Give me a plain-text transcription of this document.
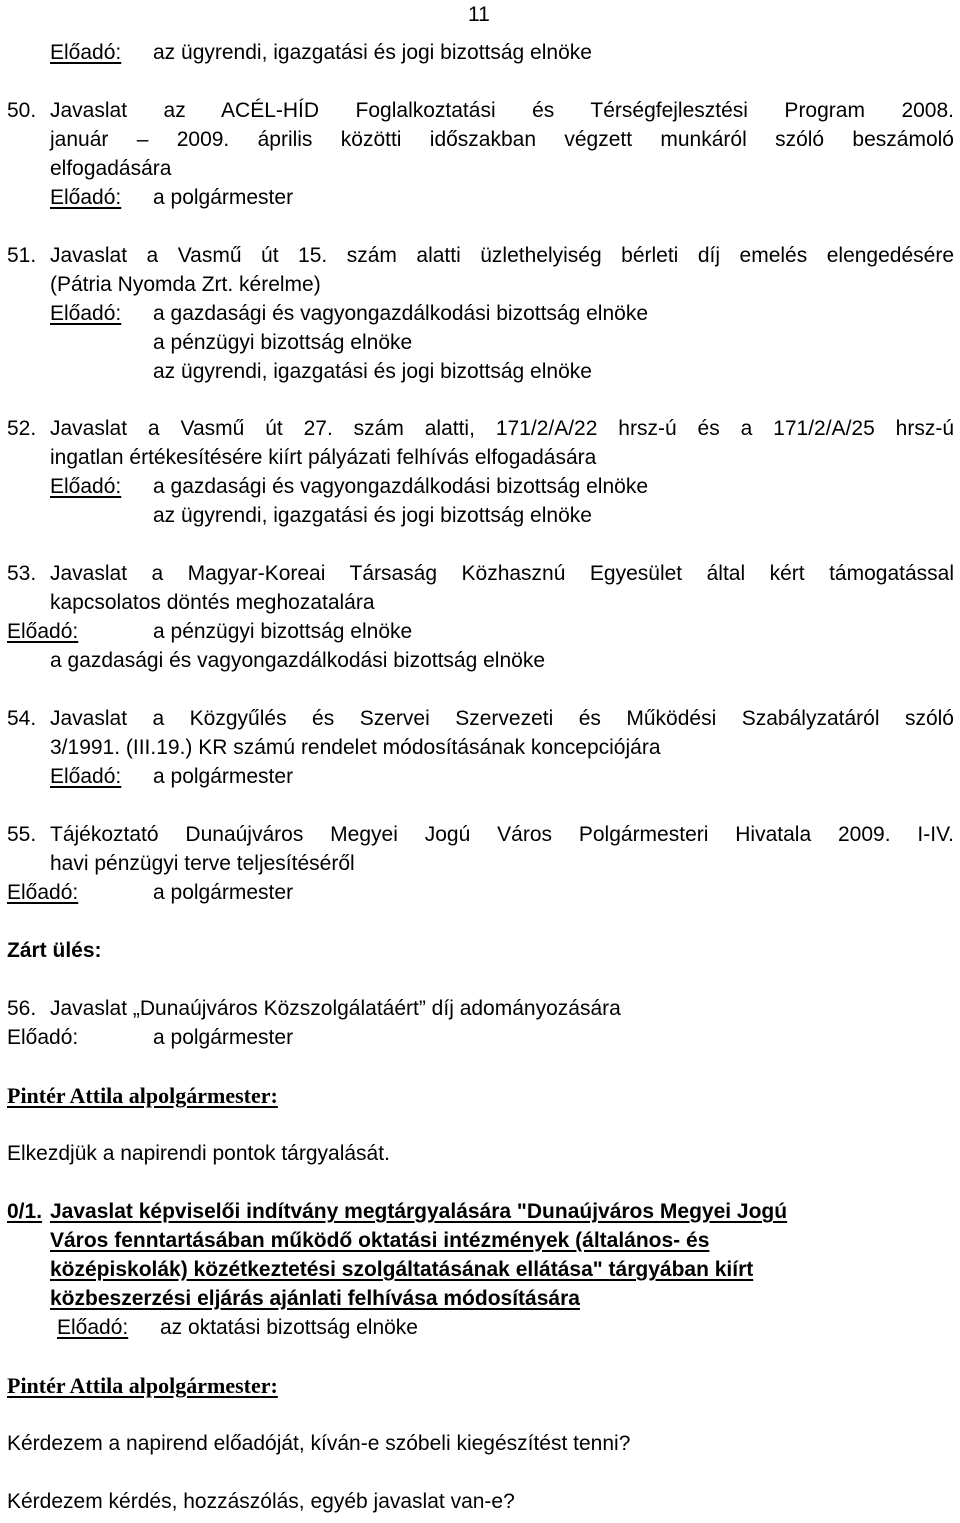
11
Előadó: az ügyrendi, igazgatási és jogi bizottság elnöke
50. Javaslat az ACÉL-HÍD Foglalkoztatási és Térségfejlesztési Program 2008.
január – 2009. április közötti időszakban végzett munkáról szóló beszámoló
elfogadására
Előadó: a polgármester
51. Javaslat a Vasmű út 15. szám alatti üzlethelyiség bérleti díj emelés elengedésére
(Pátria Nyomda Zrt. kérelme)
Előadó: a gazdasági és vagyongazdálkodási bizottság elnöke
a pénzügyi bizottság elnöke
az ügyrendi, igazgatási és jogi bizottság elnöke
52. Javaslat a Vasmű út 27. szám alatti, 171/2/A/22 hrsz-ú és a 171/2/A/25 hrsz-ú
ingatlan értékesítésére kiírt pályázati felhívás elfogadására
Előadó: a gazdasági és vagyongazdálkodási bizottság elnöke
az ügyrendi, igazgatási és jogi bizottság elnöke
53. Javaslat a Magyar-Koreai Társaság Közhasznú Egyesület által kért támogatással
kapcsolatos döntés meghozatalára
Előadó:	a pénzügyi bizottság elnöke
a gazdasági és vagyongazdálkodási bizottság elnöke
54. Javaslat a Közgyűlés és Szervei Szervezeti és Működési Szabályzatáról szóló
3/1991. (III.19.) KR számú rendelet módosításának koncepciójára
Előadó: a polgármester
55. Tájékoztató Dunaújváros Megyei Jogú Város Polgármesteri Hivatala 2009. I-IV.
havi pénzügyi terve teljesítéséről
Előadó:	a polgármester
Zárt ülés:
56. Javaslat „Dunaújváros Közszolgálatáért” díj adományozására
Előadó:	a polgármester
Pintér Attila alpolgármester:
Elkezdjük a napirendi pontok tárgyalását.
0/1. Javaslat képviselői indítvány megtárgyalására "Dunaújváros Megyei Jogú
Város fenntartásában működő oktatási intézmények (általános- és
középiskolák) közétkeztetési szolgáltatásának ellátása" tárgyában kiírt
közbeszerzési eljárás ajánlati felhívása módosítására
Előadó: az oktatási bizottság elnöke
Pintér Attila alpolgármester:
Kérdezem a napirend előadóját, kíván-e szóbeli kiegészítést tenni?
Kérdezem kérdés, hozzászólás, egyéb javaslat van-e?
